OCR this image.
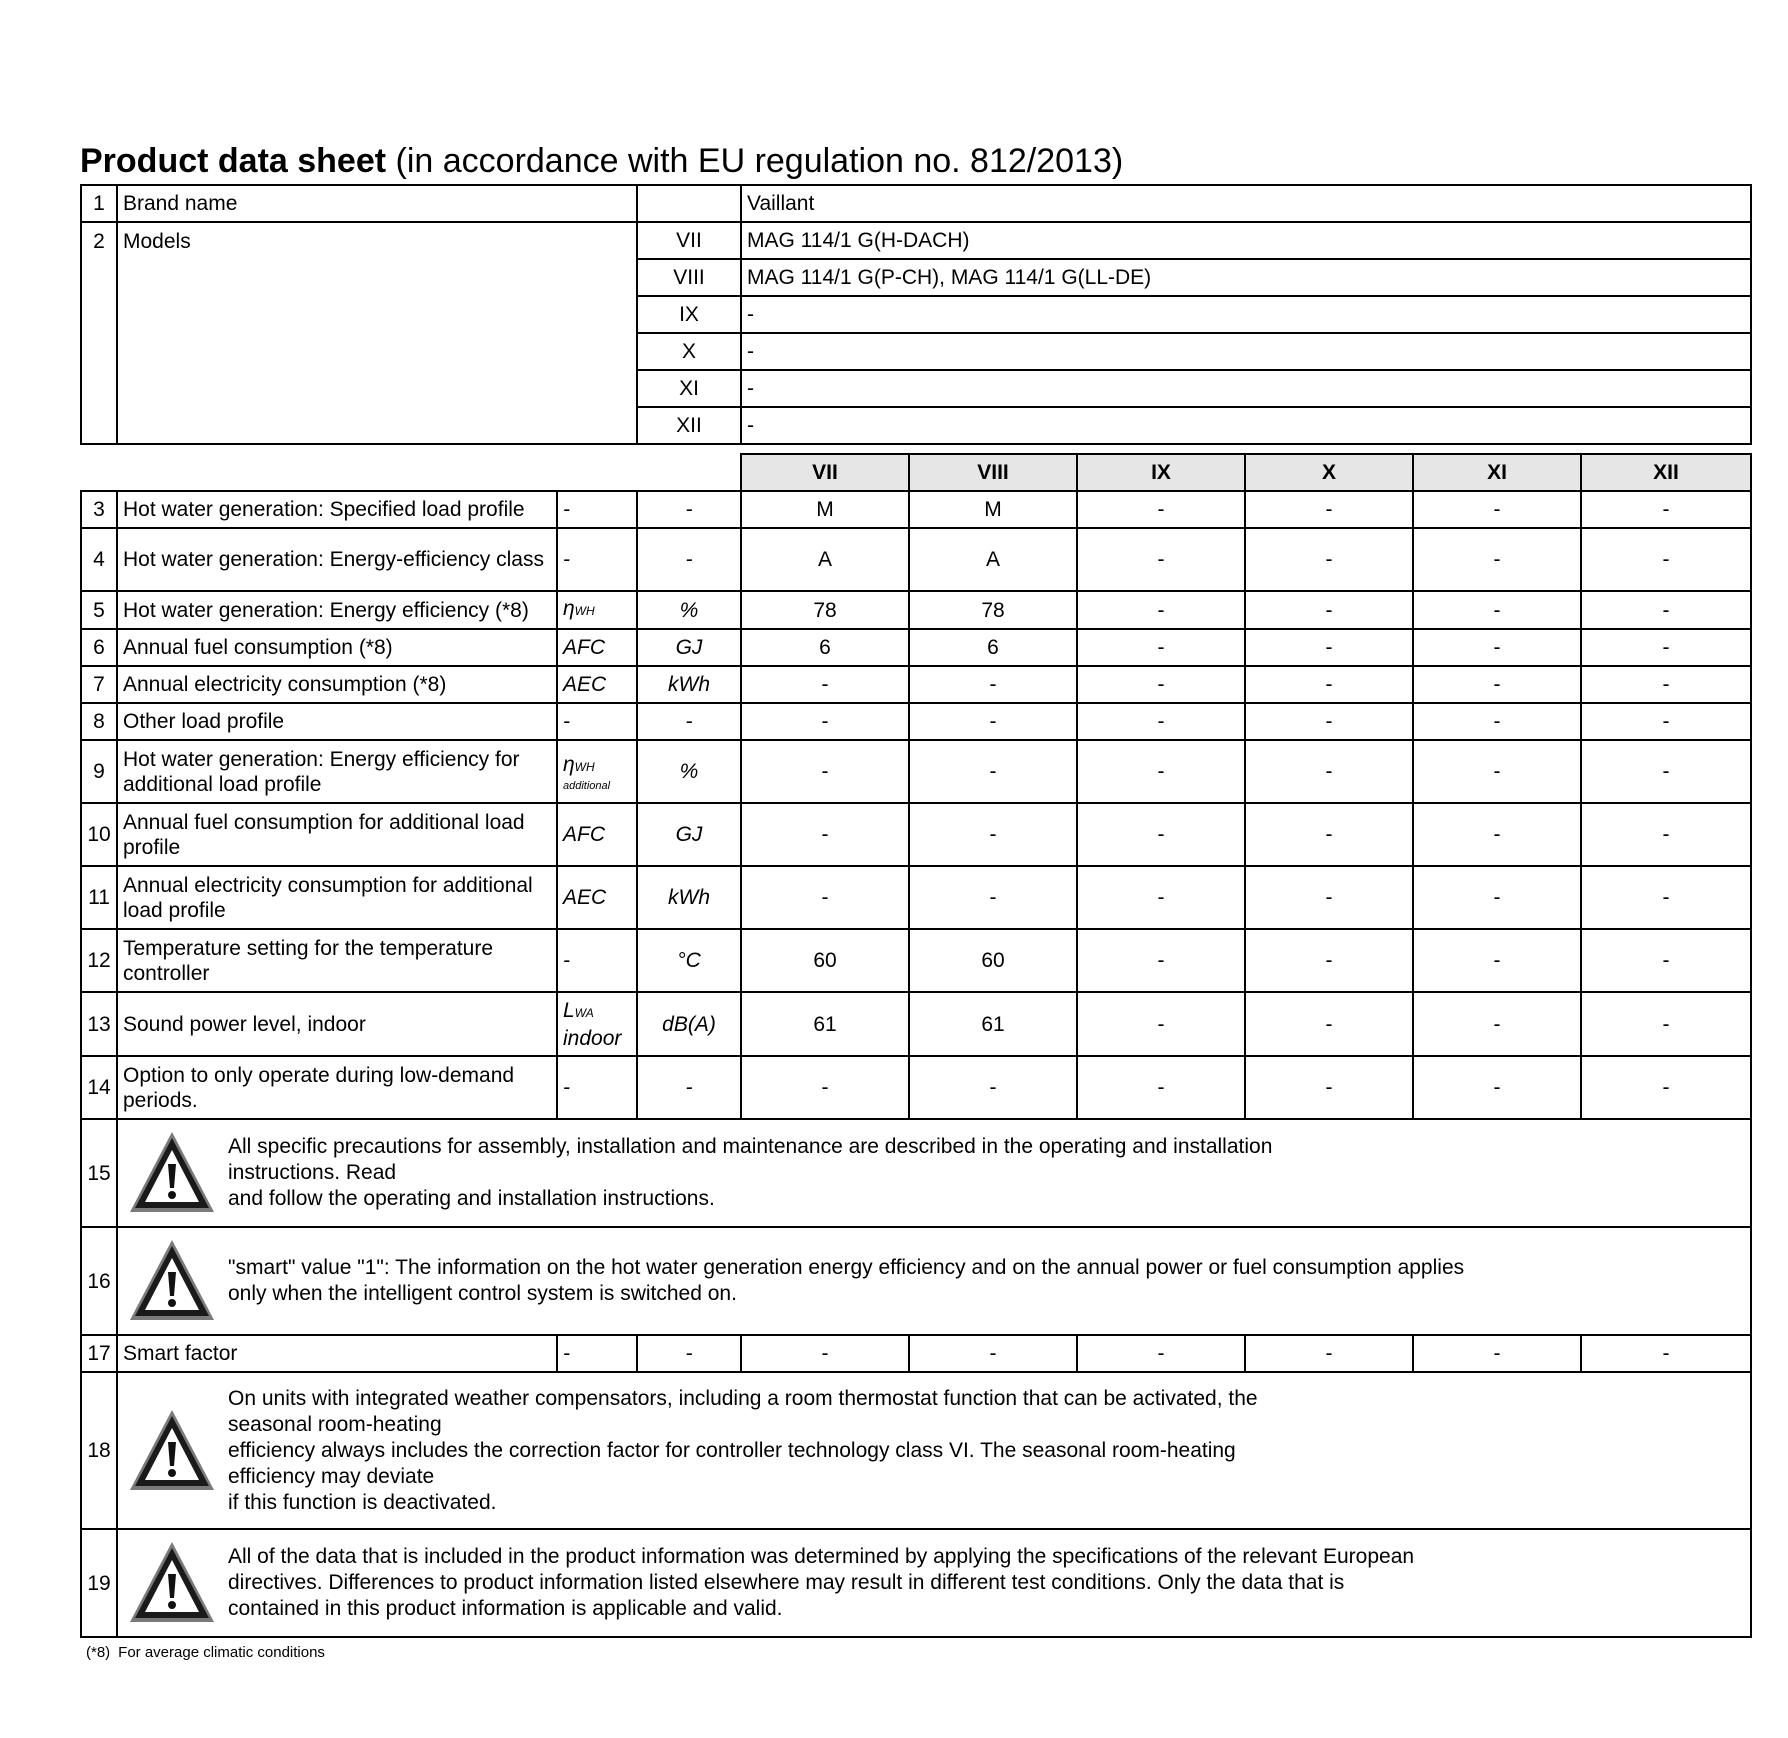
Product data sheet (in accordance with EU regulation no. 812/2013)
1	Brand name			Vaillant					
2	Models		VII	MAG 114/1 G(H-DACH)					
			VIII	MAG 114/1 G(P-CH), MAG 114/1 G(LL-DE)					
			IX	-					
			X	-					
			XI	-					
			XII	-					

				VII	VIII	IX	X	XI	XII
3	Hot water generation: Specified load profile	-	-	M	M	-	-	-	-
4	Hot water generation: Energy-efficiency class	-	-	A	A	-	-	-	-
5	Hot water generation: Energy efficiency (*8)	ηWH	%	78	78	-	-	-	-
6	Annual fuel consumption (*8)	AFC	GJ	6	6	-	-	-	-
7	Annual electricity consumption (*8)	AEC	kWh	-	-	-	-	-	-
8	Other load profile	-	-	-	-	-	-	-	-
9	Hot water generation: Energy efficiency for additional load profile	ηWH
additional	%	-	-	-	-	-	-
10	Annual fuel consumption for additional load profile	AFC	GJ	-	-	-	-	-	-
11	Annual electricity consumption for additional load profile	AEC	kWh	-	-	-	-	-	-
12	Temperature setting for the temperature controller	-	°C	60	60	-	-	-	-
13	Sound power level, indoor	LWA
indoor	dB(A)	61	61	-	-	-	-
14	Option to only operate during low-demand periods.	-	-	-	-	-	-	-	-
15	All specific precautions for assembly, installation and maintenance are described in the operating and installation
instructions. Read
and follow the operating and installation instructions.								

16	"smart" value "1": The information on the hot water generation energy efficiency and on the annual power or fuel consumption applies
only when the intelligent control system is switched on.								

17	Smart factor	-	-	-	-	-	-	-	-
18	On units with integrated weather compensators, including a room thermostat function that can be activated, the
seasonal room-heating
efficiency always includes the correction factor for controller technology class VI. The seasonal room-heating
efficiency may deviate
if this function is deactivated.								

19	All of the data that is included in the product information was determined by applying the specifications of the relevant European
directives. Differences to product information listed elsewhere may result in different test conditions. Only the data that is
contained in this product information is applicable and valid.								
(*8) For average climatic conditions
